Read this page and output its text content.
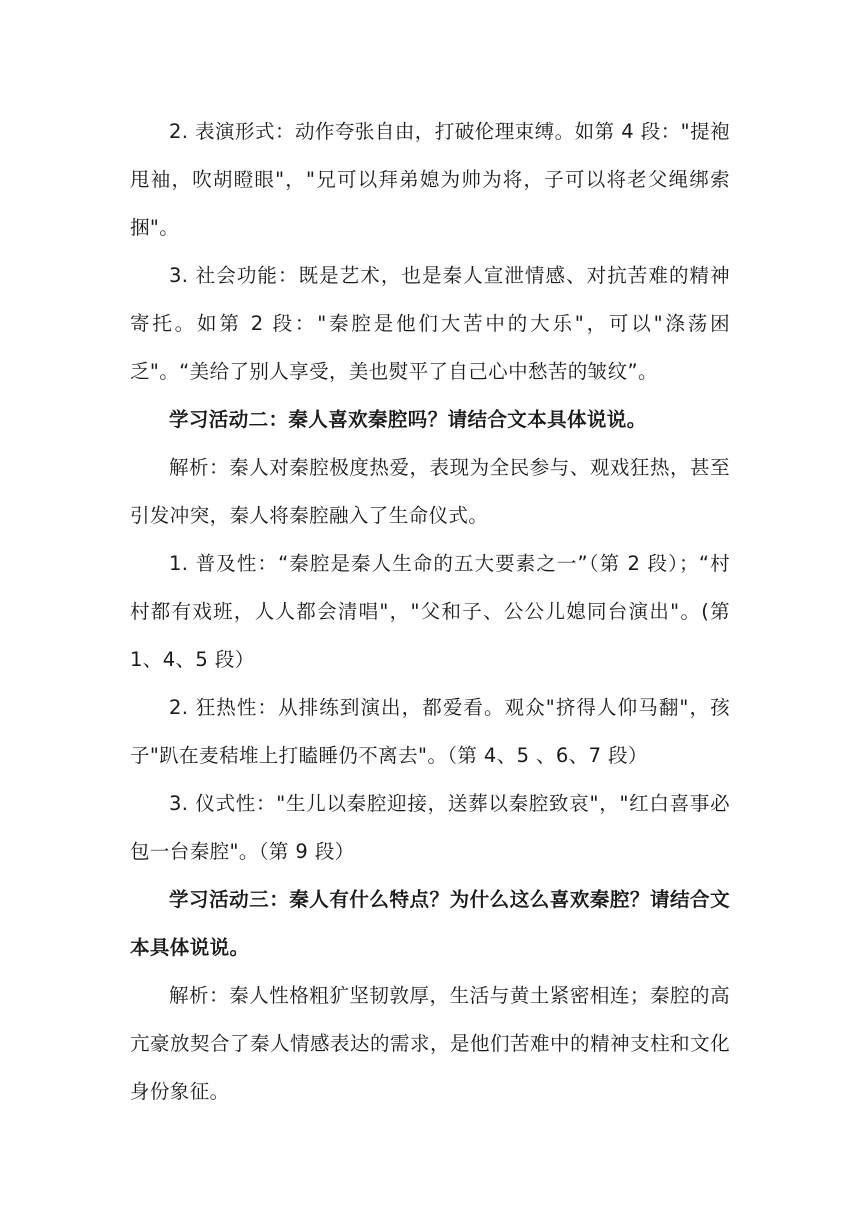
2. 表演形式：动作夸张自由，打破伦理束缚。如第 4 段："提袍甩袖，吹胡瞪眼"，"兄可以拜弟媳为帅为将，子可以将老父绳绑索捆"。

3. 社会功能：既是艺术，也是秦人宣泄情感、对抗苦难的精神寄托。如第 2 段："秦腔是他们大苦中的大乐"，可以"涤荡困乏"。“美给了别人享受，美也熨平了自己心中愁苦的皱纹”。

学习活动二：秦人喜欢秦腔吗？请结合文本具体说说。

解析：秦人对秦腔极度热爱，表现为全民参与、观戏狂热，甚至引发冲突，秦人将秦腔融入了生命仪式。

1. 普及性：“秦腔是秦人生命的五大要素之一”（第 2 段）；“村村都有戏班，人人都会清唱"，"父和子、公公儿媳同台演出"。(第 1、4、5 段）

2. 狂热性：从排练到演出，都爱看。观众"挤得人仰马翻"，孩子"趴在麦秸堆上打瞌睡仍不离去"。（第 4、5 、6、7 段）

3. 仪式性："生儿以秦腔迎接，送葬以秦腔致哀"，"红白喜事必包一台秦腔"。（第 9 段）

学习活动三：秦人有什么特点？为什么这么喜欢秦腔？请结合文本具体说说。

解析：秦人性格粗犷坚韧敦厚，生活与黄土紧密相连；秦腔的高亢豪放契合了秦人情感表达的需求，是他们苦难中的精神支柱和文化身份象征。
